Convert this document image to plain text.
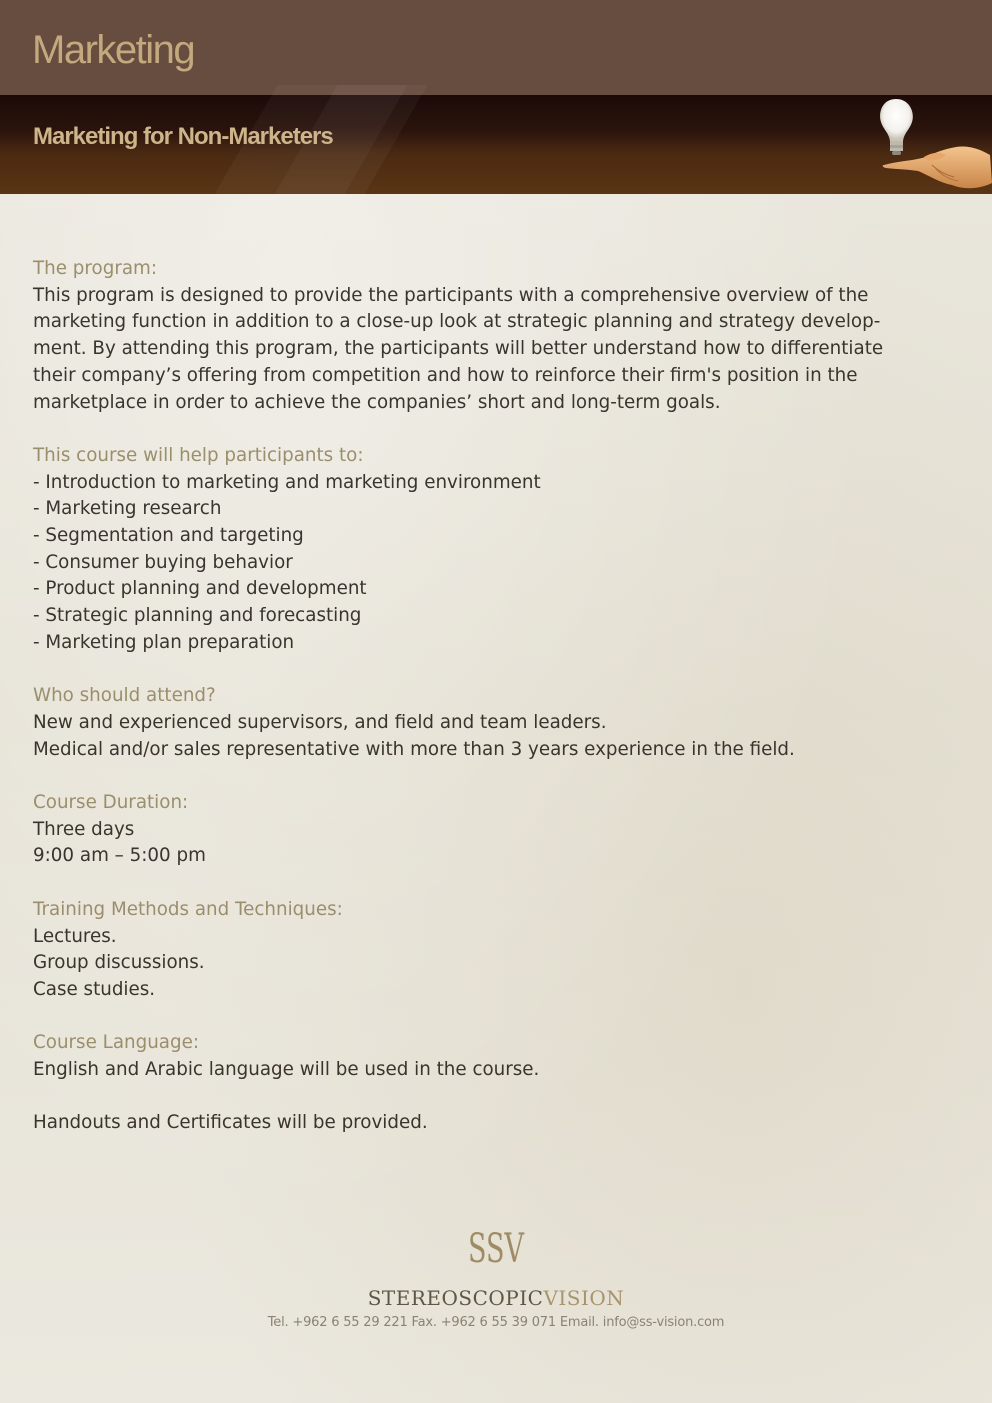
Marketing
Marketing for Non-Marketers

The program:
This program is designed to provide the participants with a comprehensive overview of the
marketing function in addition to a close-up look at strategic planning and strategy develop-
ment. By attending this program, the participants will better understand how to differentiate
their company’s offering from competition and how to reinforce their firm's position in the
marketplace in order to achieve the companies’ short and long-term goals.

This course will help participants to:
- Introduction to marketing and marketing environment
- Marketing research
- Segmentation and targeting
- Consumer buying behavior
- Product planning and development
- Strategic planning and forecasting
- Marketing plan preparation

Who should attend?
New and experienced supervisors, and field and team leaders.
Medical and/or sales representative with more than 3 years experience in the field.

Course Duration:
Three days
9:00 am – 5:00 pm

Training Methods and Techniques:
Lectures.
Group discussions.
Case studies.

Course Language:
English and Arabic language will be used in the course.

Handouts and Certificates will be provided.

SSV
STEREOSCOPICVISION
Tel. +962 6 55 29 221 Fax. +962 6 55 39 071 Email. info@ss-vision.com
